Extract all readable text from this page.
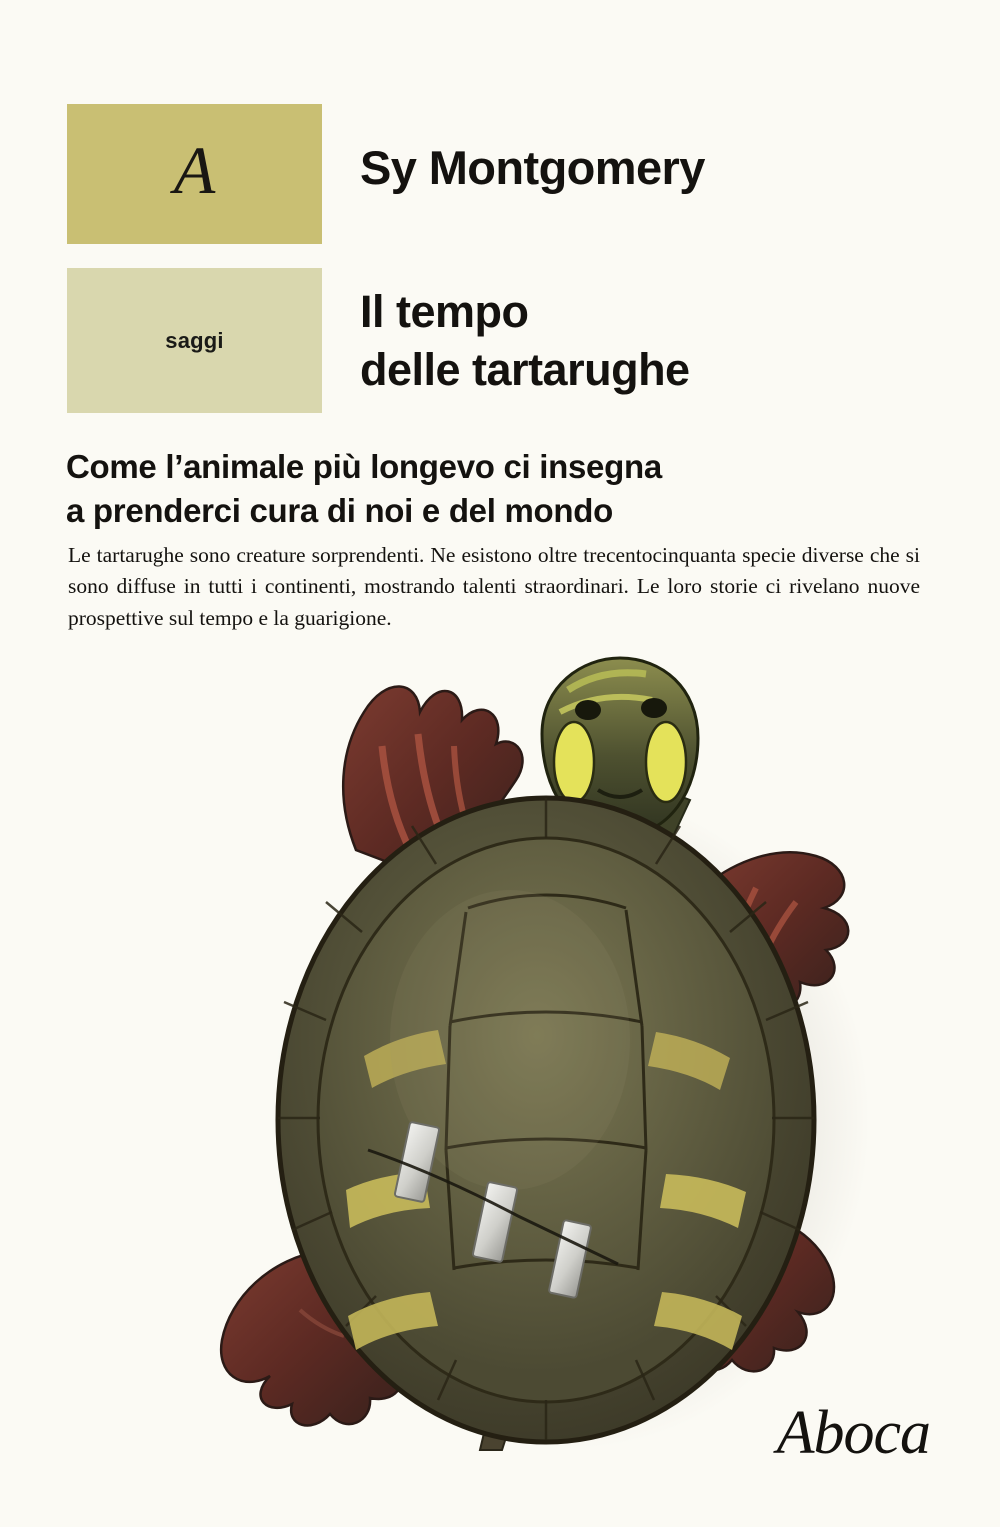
A
saggi
Sy Montgomery
Il tempo
delle tartarughe
Come l’animale più longevo ci insegna
a prenderci cura di noi e del mondo
Le tartarughe sono creature sorprendenti. Ne esistono oltre trecentocinquanta specie diverse che si sono diffuse in tutti i continenti, mostrando talenti straordinari. Le loro storie ci rivelano nuove prospettive sul tempo e la guarigione.
Aboca
